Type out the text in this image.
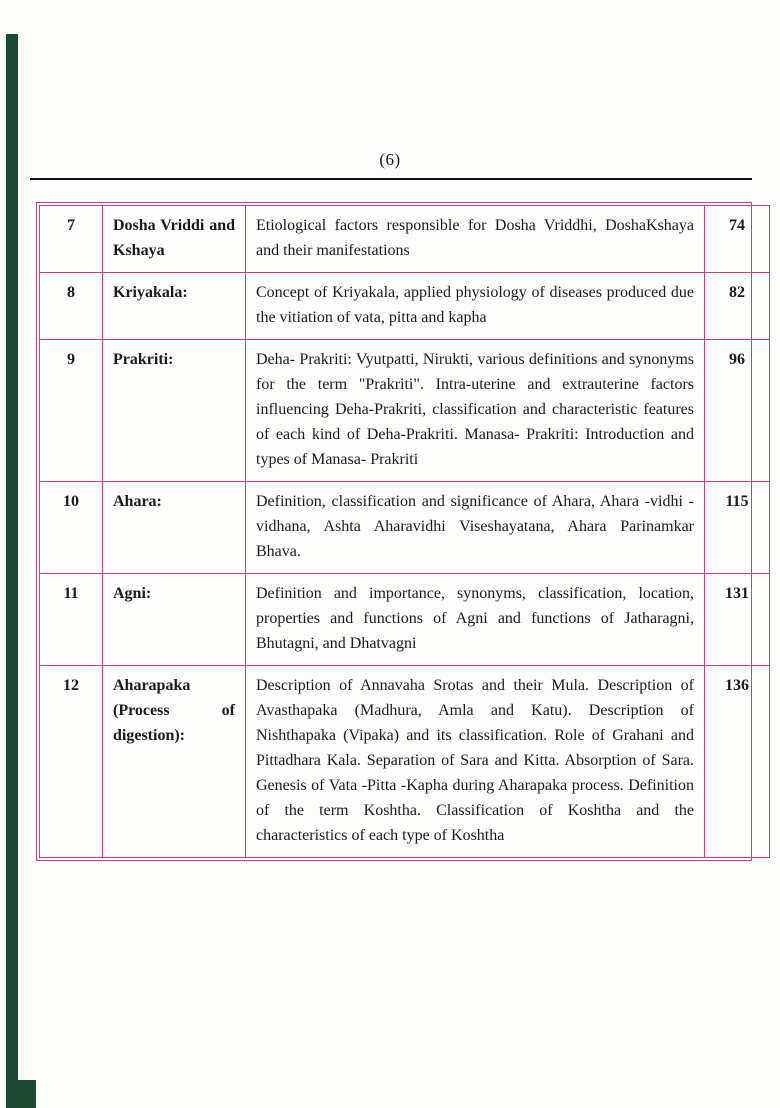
(6)
7	Dosha Vriddi and Kshaya	Etiological factors responsible for Dosha Vriddhi, DoshaKshaya and their manifestations	74
8	Kriyakala:	Concept of Kriyakala, applied physiology of diseases produced due the vitiation of vata, pitta and kapha	82
9	Prakriti:	Deha- Prakriti: Vyutpatti, Nirukti, various definitions and synonyms for the term "Prakriti". Intra-uterine and extrauterine factors influencing Deha-Prakriti, classification and characteristic features of each kind of Deha-Prakriti. Manasa- Prakriti: Introduction and types of Manasa- Prakriti	96
10	Ahara:	Definition, classification and significance of Ahara, Ahara -vidhi -vidhana, Ashta Aharavidhi Viseshayatana, Ahara Parinamkar Bhava.	115
11	Agni:	Definition and importance, synonyms, classification, location, properties and functions of Agni and functions of Jatharagni, Bhutagni, and Dhatvagni	131
12	Aharapaka (Process of digestion):	Description of Annavaha Srotas and their Mula. Description of Avasthapaka (Madhura, Amla and Katu). Description of Nishthapaka (Vipaka) and its classification. Role of Grahani and Pittadhara Kala. Separation of Sara and Kitta. Absorption of Sara. Genesis of Vata -Pitta -Kapha during Aharapaka process. Definition of the term Koshtha. Classification of Koshtha and the characteristics of each type of Koshtha	136
